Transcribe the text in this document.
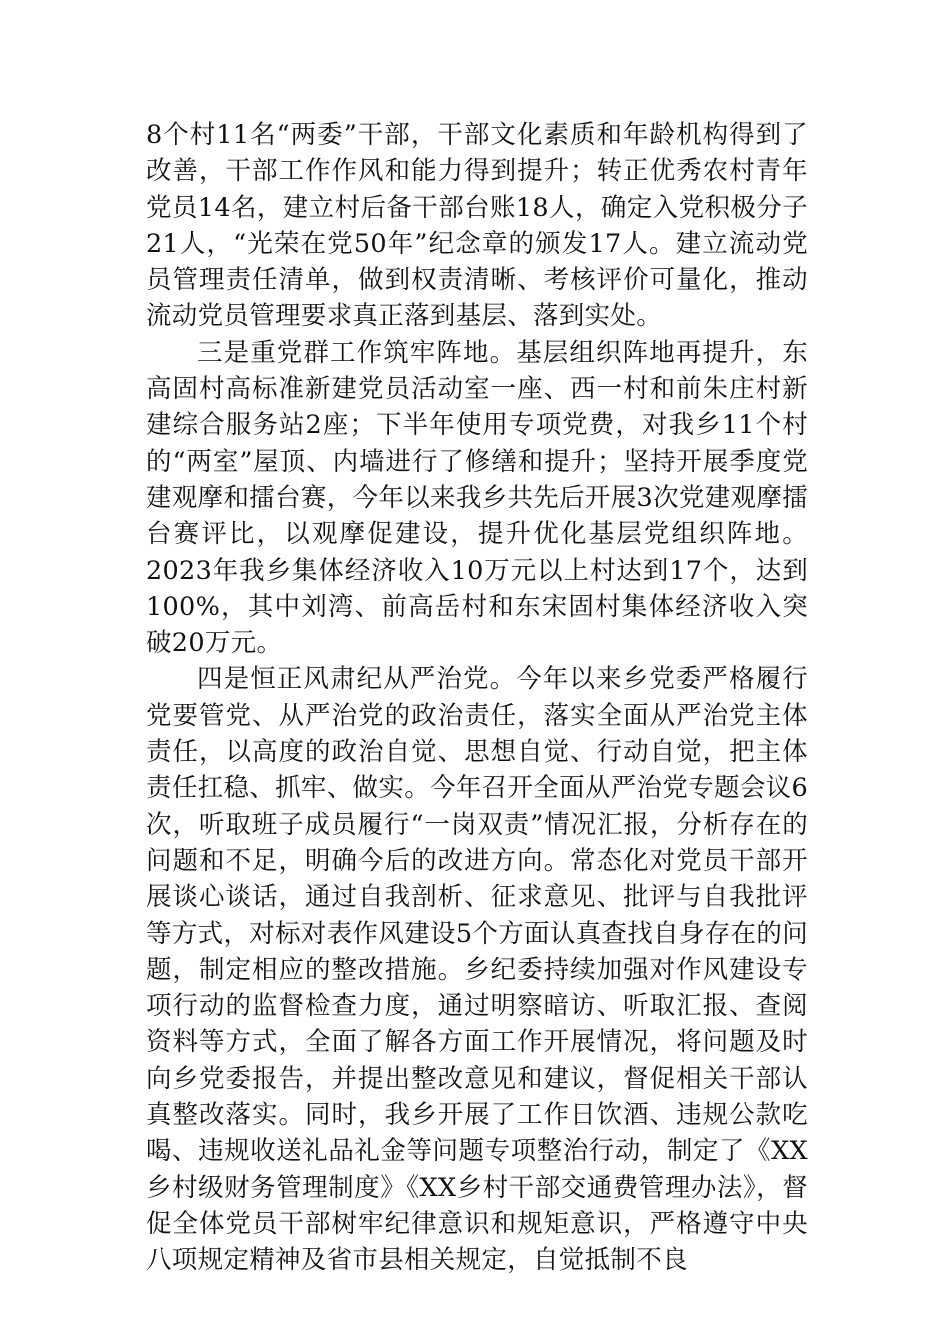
8个村11名“两委”干部，干部文化素质和年龄机构得到了改善，干部工作作风和能力得到提升；转正优秀农村青年党员14名，建立村后备干部台账18人，确定入党积极分子21人，“光荣在党50年”纪念章的颁发17人。建立流动党员管理责任清单，做到权责清晰、考核评价可量化，推动流动党员管理要求真正落到基层、落到实处。

三是重党群工作筑牢阵地。基层组织阵地再提升，东高固村高标准新建党员活动室一座、西一村和前朱庄村新建综合服务站2座；下半年使用专项党费，对我乡11个村的“两室”屋顶、内墙进行了修缮和提升；坚持开展季度党建观摩和擂台赛，今年以来我乡共先后开展3次党建观摩擂台赛评比，以观摩促建设，提升优化基层党组织阵地。2023年我乡集体经济收入10万元以上村达到17个，达到100%，其中刘湾、前高岳村和东宋固村集体经济收入突破20万元。

四是恒正风肃纪从严治党。今年以来乡党委严格履行党要管党、从严治党的政治责任，落实全面从严治党主体责任，以高度的政治自觉、思想自觉、行动自觉，把主体责任扛稳、抓牢、做实。今年召开全面从严治党专题会议6次，听取班子成员履行“一岗双责”情况汇报，分析存在的问题和不足，明确今后的改进方向。常态化对党员干部开展谈心谈话，通过自我剖析、征求意见、批评与自我批评等方式，对标对表作风建设5个方面认真查找自身存在的问题，制定相应的整改措施。乡纪委持续加强对作风建设专项行动的监督检查力度，通过明察暗访、听取汇报、查阅资料等方式，全面了解各方面工作开展情况，将问题及时向乡党委报告，并提出整改意见和建议，督促相关干部认真整改落实。同时，我乡开展了工作日饮酒、违规公款吃喝、违规收送礼品礼金等问题专项整治行动，制定了《XX乡村级财务管理制度》《XX乡村干部交通费管理办法》，督促全体党员干部树牢纪律意识和规矩意识，严格遵守中央八项规定精神及省市县相关规定，自觉抵制不良
